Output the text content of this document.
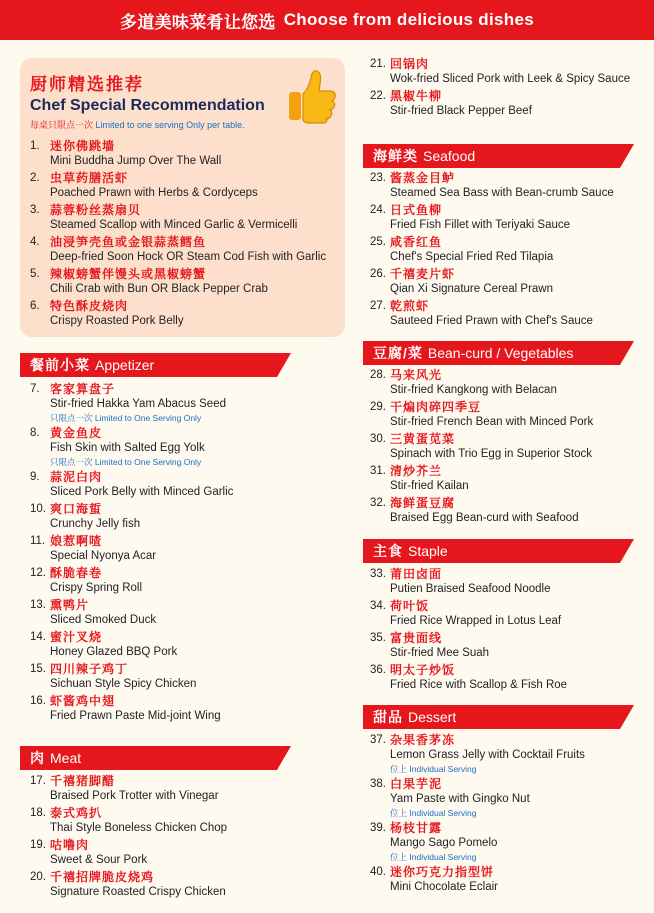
多道美味菜肴让您选 Choose from delicious dishes
厨师精选推荐
Chef Special Recommendation
每桌只限点一次 Limited to one serving Only per table.
1. 迷你佛跳墙
Mini Buddha Jump Over The Wall
2. 虫草药膳活虾
Poached Prawn with Herbs & Cordyceps
3. 蒜蓉粉丝蒸扇贝
Steamed Scallop with Minced Garlic & Vermicelli
4. 油浸笋壳鱼或金银蒜蒸鳕鱼
Deep-fried Soon Hock OR Steam Cod Fish with Garlic
5. 辣椒螃蟹伴馒头或黑椒螃蟹
Chili Crab with Bun OR Black Pepper Crab
6. 特色酥皮烧肉
Crispy Roasted Pork Belly
餐前小菜 Appetizer
7. 客家算盘子
Stir-fried Hakka Yam Abacus Seed
只限点一次 Limited to One Serving Only
8. 黄金鱼皮
Fish Skin with Salted Egg Yolk
只限点一次 Limited to One Serving Only
9. 蒜泥白肉
Sliced Pork Belly with Minced Garlic
10. 爽口海蜇
Crunchy Jelly fish
11. 娘惹啊喳
Special Nyonya Acar
12. 酥脆春卷
Crispy Spring Roll
13. 熏鸭片
Sliced Smoked Duck
14. 蜜汁叉烧
Honey Glazed BBQ Pork
15. 四川辣子鸡丁
Sichuan Style Spicy Chicken
16. 虾酱鸡中翅
Fried Prawn Paste Mid-joint Wing
肉 Meat
17. 千禧猪脚醋
Braised Pork Trotter with Vinegar
18. 泰式鸡扒
Thai Style Boneless Chicken Chop
19. 咕噜肉
Sweet & Sour Pork
20. 千禧招牌脆皮烧鸡
Signature Roasted Crispy Chicken
21. 回锅肉
Wok-fried Sliced Pork with Leek & Spicy Sauce
22. 黑椒牛柳
Stir-fried Black Pepper Beef
海鲜类 Seafood
23. 酱蒸金目鲈
Steamed Sea Bass with Bean-crumb Sauce
24. 日式鱼柳
Fried Fish Fillet with Teriyaki Sauce
25. 咸香红鱼
Chef's Special Fried Red Tilapia
26. 千禧麦片虾
Qian Xi Signature Cereal Prawn
27. 乾煎虾
Sauteed Fried Prawn with Chef's Sauce
豆腐/菜 Bean-curd / Vegetables
28. 马来风光
Stir-fried Kangkong with Belacan
29. 干煸肉碎四季豆
Stir-fried French Bean with Minced Pork
30. 三黄蛋苋菜
Spinach with Trio Egg in Superior Stock
31. 清炒芥兰
Stir-fried Kailan
32. 海鲜蛋豆腐
Braised Egg Bean-curd with Seafood
主食 Staple
33. 莆田卤面
Putien Braised Seafood Noodle
34. 荷叶饭
Fried Rice Wrapped in Lotus Leaf
35. 富贵面线
Stir-fried Mee Suah
36. 明太子炒饭
Fried Rice with Scallop & Fish Roe
甜品 Dessert
37. 杂果香茅冻
Lemon Grass Jelly with Cocktail Fruits
位上 Individual Serving
38. 白果芋泥
Yam Paste with Gingko Nut
位上 Individual Serving
39. 杨枝甘露
Mango Sago Pomelo
位上 Individual Serving
40. 迷你巧克力指型饼
Mini Chocolate Eclair
